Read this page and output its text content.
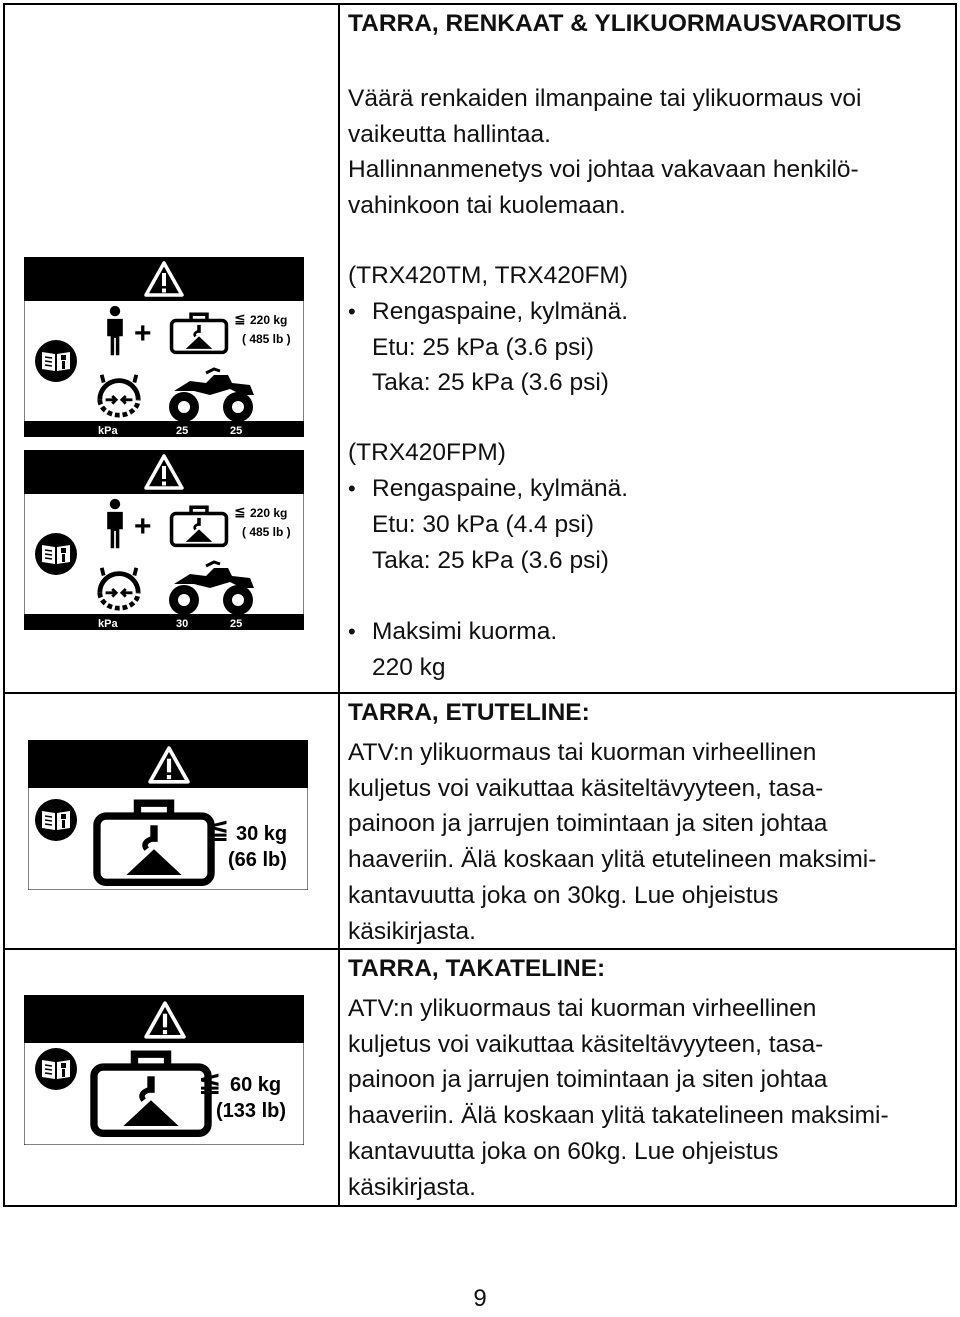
TARRA, RENKAAT & YLIKUORMAUSVAROITUS
Väärä renkaiden ilmanpaine tai ylikuormaus voi
vaikeutta hallintaa.
Hallinnanmenetys voi johtaa vakavaan henkilö-
vahinkoon tai kuolemaan.
(TRX420TM, TRX420FM)
• Rengaspaine, kylmänä.
Etu: 25 kPa (3.6 psi)
Taka: 25 kPa (3.6 psi)
(TRX420FPM)
• Rengaspaine, kylmänä.
Etu: 30 kPa (4.4 psi)
Taka: 25 kPa (3.6 psi)
• Maksimi kuorma.
220 kg
TARRA, ETUTELINE:
ATV:n ylikuormaus tai kuorman virheellinen
kuljetus voi vaikuttaa käsiteltävyyteen, tasa-
painoon ja jarrujen toimintaan ja siten johtaa
haaveriin. Älä koskaan ylitä etutelineen maksimi-
kantavuutta joka on 30kg. Lue ohjeistus
käsikirjasta.
TARRA, TAKATELINE:
ATV:n ylikuormaus tai kuorman virheellinen
kuljetus voi vaikuttaa käsiteltävyyteen, tasa-
painoon ja jarrujen toimintaan ja siten johtaa
haaveriin. Älä koskaan ylitä takatelineen maksimi-
kantavuutta joka on 60kg. Lue ohjeistus
käsikirjasta.
+	≦ 220 kg
( 485 lb )
kPa	25	25
+	≦ 220 kg
( 485 lb )
kPa	30	25
≦ 30 kg
(66 lb)
≦ 60 kg
(133 lb)
9
